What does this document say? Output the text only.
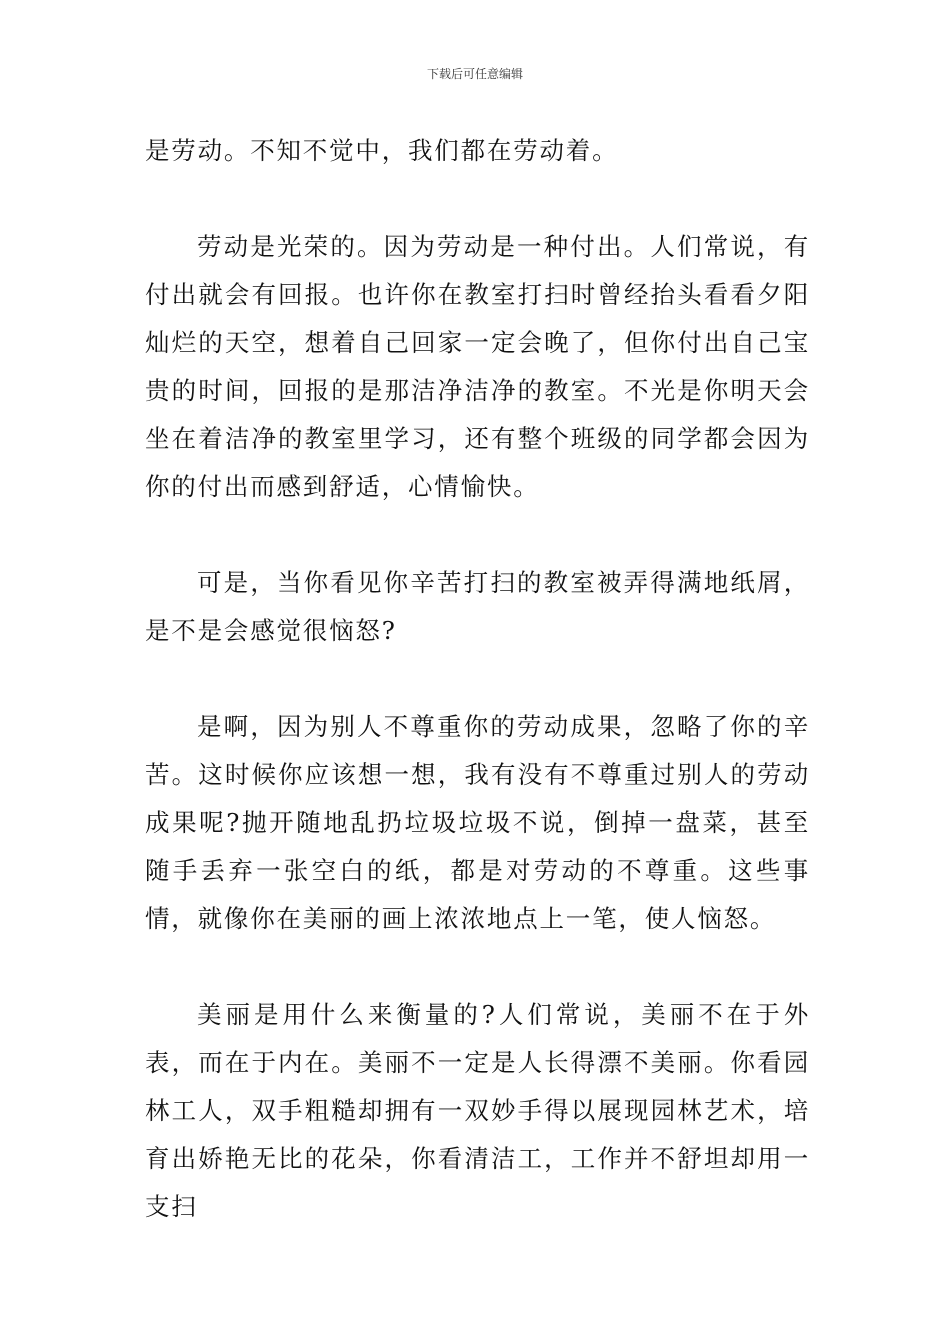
下载后可任意编辑

是劳动。不知不觉中，我们都在劳动着。

劳动是光荣的。因为劳动是一种付出。人们常说，有付出就会有回报。也许你在教室打扫时曾经抬头看看夕阳灿烂的天空，想着自己回家一定会晚了，但你付出自己宝贵的时间，回报的是那洁净洁净的教室。不光是你明天会坐在着洁净的教室里学习，还有整个班级的同学都会因为你的付出而感到舒适，心情愉快。

可是，当你看见你辛苦打扫的教室被弄得满地纸屑，是不是会感觉很恼怒?

是啊，因为别人不尊重你的劳动成果，忽略了你的辛苦。这时候你应该想一想，我有没有不尊重过别人的劳动成果呢?抛开随地乱扔垃圾垃圾不说，倒掉一盘菜，甚至随手丢弃一张空白的纸，都是对劳动的不尊重。这些事情，就像你在美丽的画上浓浓地点上一笔，使人恼怒。

美丽是用什么来衡量的?人们常说，美丽不在于外表，而在于内在。美丽不一定是人长得漂不美丽。你看园林工人，双手粗糙却拥有一双妙手得以展现园林艺术，培育出娇艳无比的花朵，你看清洁工，工作并不舒坦却用一支扫
